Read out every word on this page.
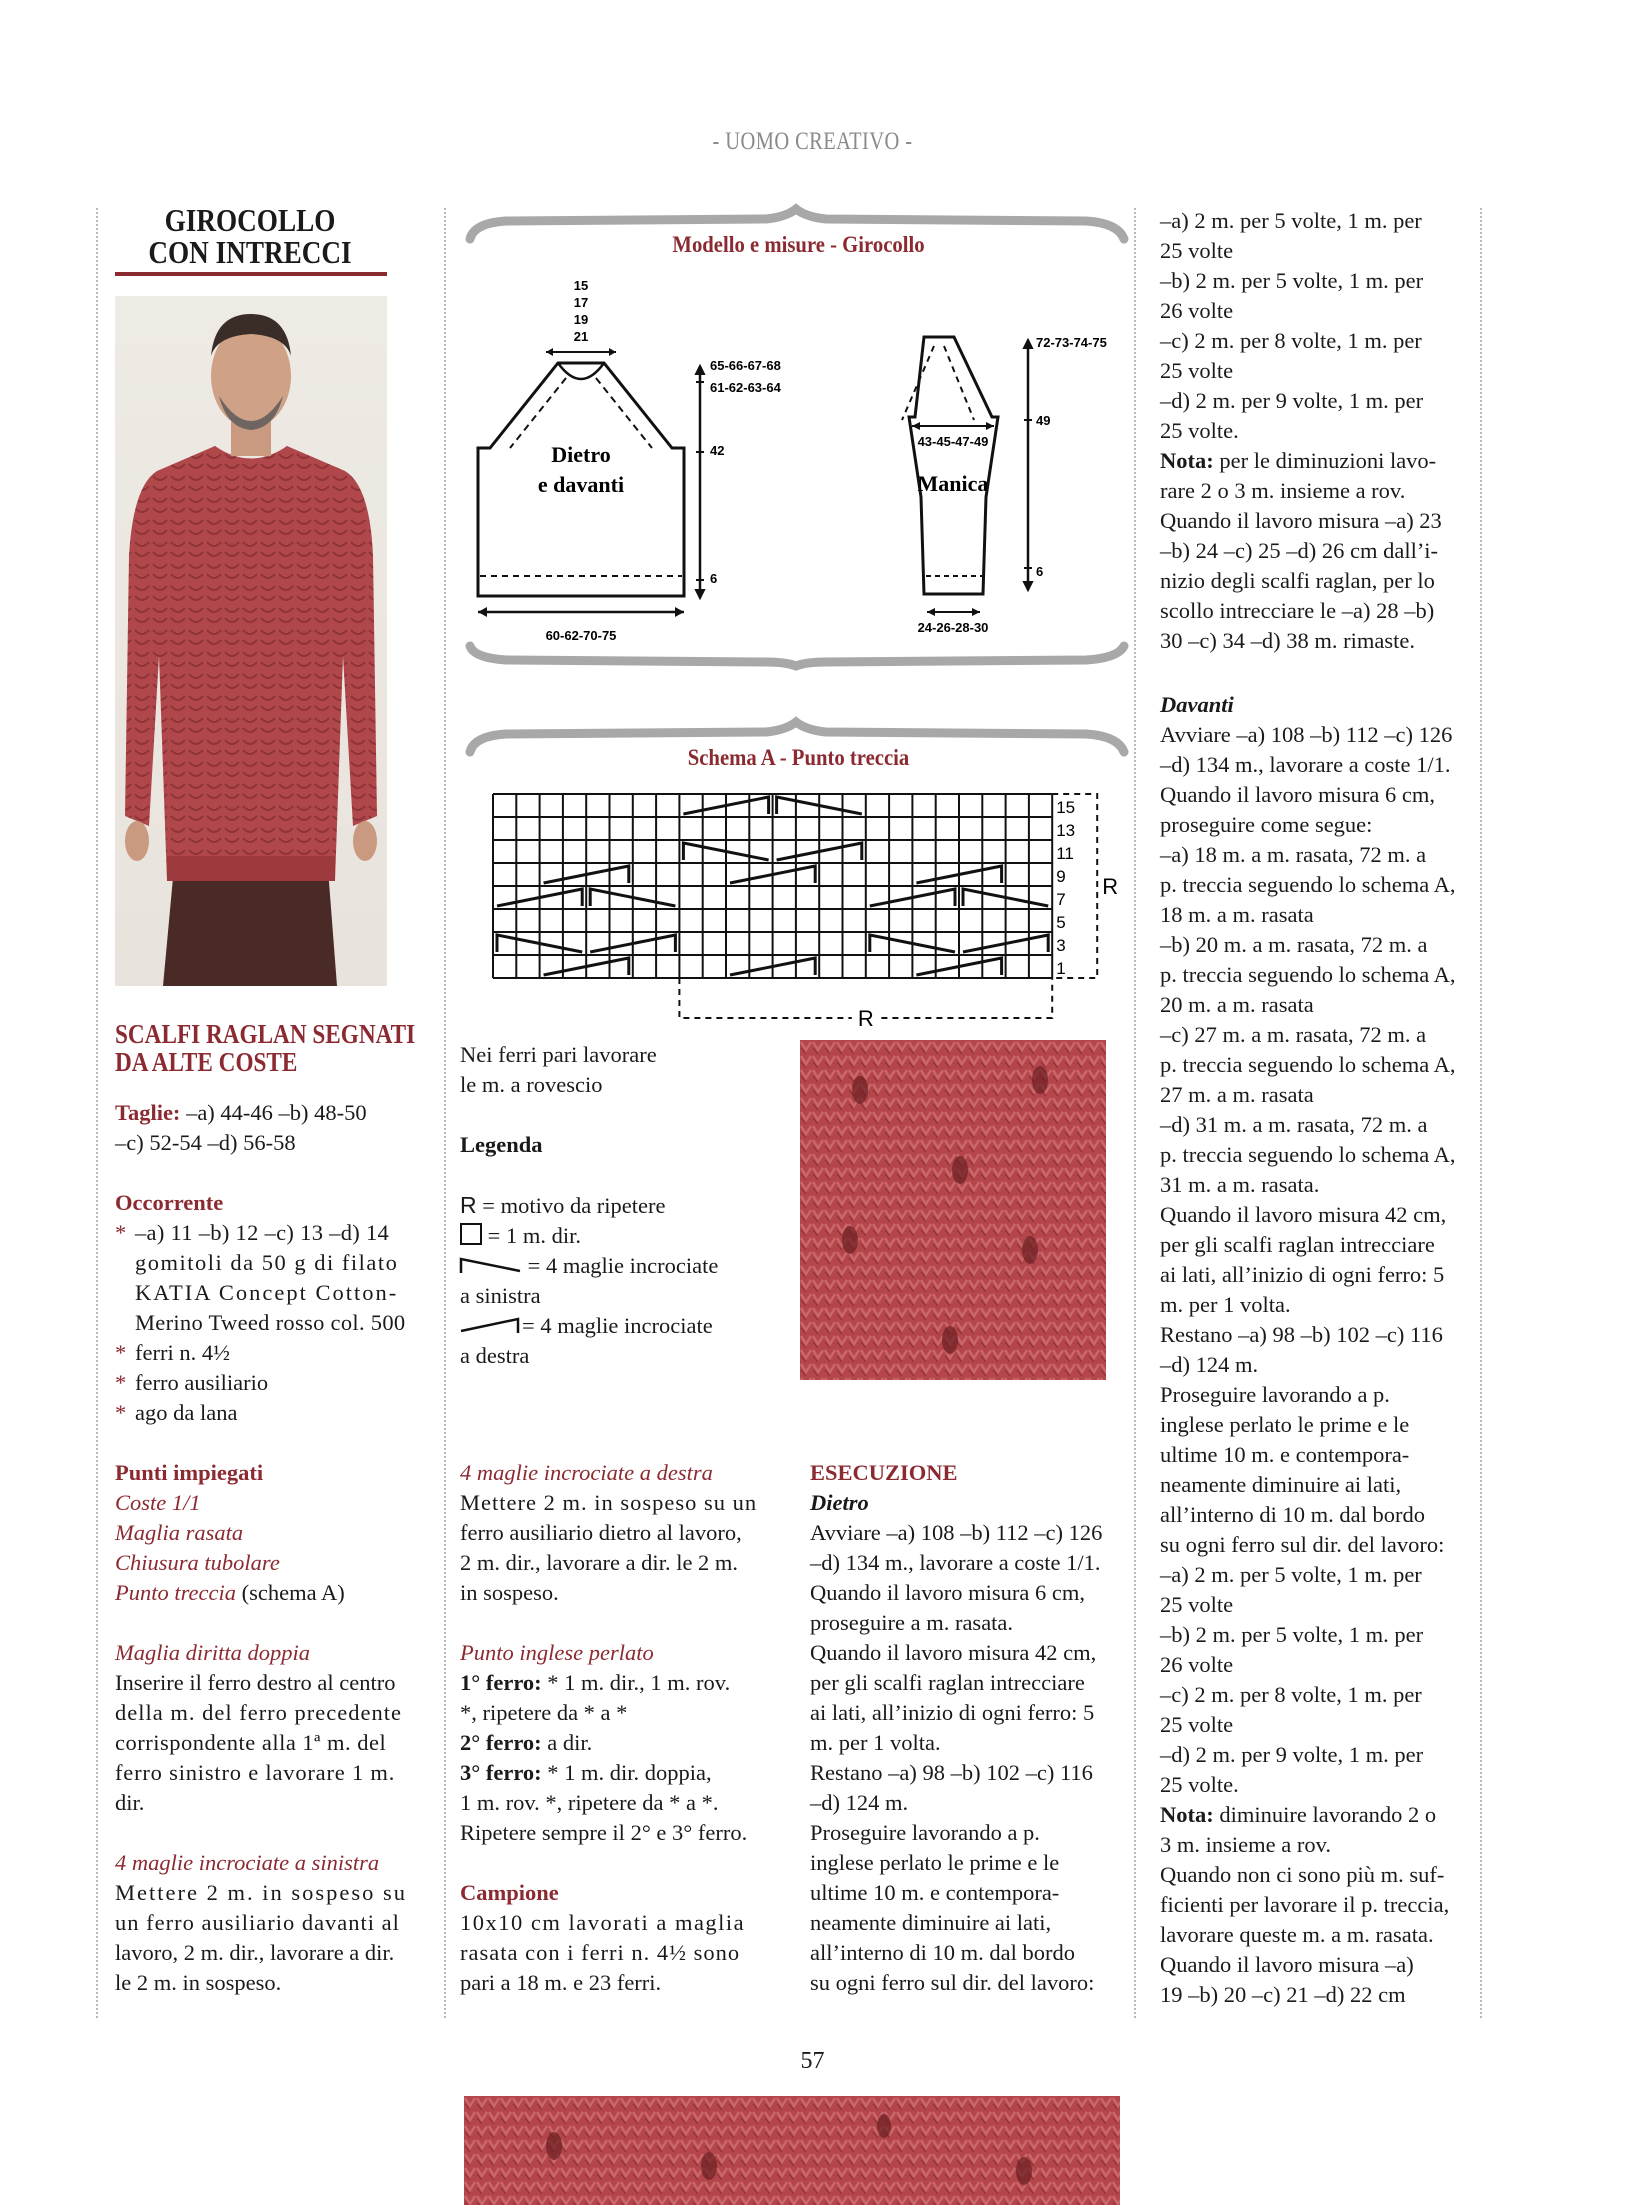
- UOMO CREATIVO -
GIROCOLLO
CON INTRECCI
SCALFI RAGLAN SEGNATI
DA ALTE COSTE
Taglie: –a) 44-46 –b) 48-50
–c) 52-54 –d) 56-58
Occorrente
* –a) 11 –b) 12 –c) 13 –d) 14
gomitoli da 50 g di filato
KATIA Concept Cotton-
Merino Tweed rosso col. 500
* ferri n. 4½
* ferro ausiliario
* ago da lana
Punti impiegati
Coste 1/1
Maglia rasata
Chiusura tubolare
Punto treccia (schema A)
Maglia diritta doppia
Inserire il ferro destro al centro
della m. del ferro precedente
corrispondente alla 1ª m. del
ferro sinistro e lavorare 1 m.
dir.
4 maglie incrociate a sinistra
Mettere 2 m. in sospeso su
un ferro ausiliario davanti al
lavoro, 2 m. dir., lavorare a dir.
le 2 m. in sospeso.
Modello e misure - Girocollo
15
17
19
21
65-66-67-68
61-62-63-64
42
6
60-62-70-75
Dietro
e davanti
72-73-74-75
49
6
43-45-47-49
24-26-28-30
Manica
Schema A - Punto treccia
15
13
11
9
7
5
3
1
R
R
Nei ferri pari lavorare
le m. a rovescio
Legenda
R = motivo da ripetere
= 1 m. dir.
= 4 maglie incrociate
a sinistra
= 4 maglie incrociate
a destra
4 maglie incrociate a destra
Mettere 2 m. in sospeso su un
ferro ausiliario dietro al lavoro,
2 m. dir., lavorare a dir. le 2 m.
in sospeso.
Punto inglese perlato
1° ferro: * 1 m. dir., 1 m. rov.
*, ripetere da * a *
2° ferro: a dir.
3° ferro: * 1 m. dir. doppia,
1 m. rov. *, ripetere da * a *.
Ripetere sempre il 2° e 3° ferro.
Campione
10x10 cm lavorati a maglia
rasata con i ferri n. 4½ sono
pari a 18 m. e 23 ferri.
ESECUZIONE
Dietro
Avviare –a) 108 –b) 112 –c) 126
–d) 134 m., lavorare a coste 1/1.
Quando il lavoro misura 6 cm,
proseguire a m. rasata.
Quando il lavoro misura 42 cm,
per gli scalfi raglan intrecciare
ai lati, all’inizio di ogni ferro: 5
m. per 1 volta.
Restano –a) 98 –b) 102 –c) 116
–d) 124 m.
Proseguire lavorando a p.
inglese perlato le prime e le
ultime 10 m. e contempora-
neamente diminuire ai lati,
all’interno di 10 m. dal bordo
su ogni ferro sul dir. del lavoro:
–a) 2 m. per 5 volte, 1 m. per
25 volte
–b) 2 m. per 5 volte, 1 m. per
26 volte
–c) 2 m. per 8 volte, 1 m. per
25 volte
–d) 2 m. per 9 volte, 1 m. per
25 volte.
Nota: per le diminuzioni lavo-
rare 2 o 3 m. insieme a rov.
Quando il lavoro misura –a) 23
–b) 24 –c) 25 –d) 26 cm dall’i-
nizio degli scalfi raglan, per lo
scollo intrecciare le –a) 28 –b)
30 –c) 34 –d) 38 m. rimaste.
Davanti
Avviare –a) 108 –b) 112 –c) 126
–d) 134 m., lavorare a coste 1/1.
Quando il lavoro misura 6 cm,
proseguire come segue:
–a) 18 m. a m. rasata, 72 m. a
p. treccia seguendo lo schema A,
18 m. a m. rasata
–b) 20 m. a m. rasata, 72 m. a
p. treccia seguendo lo schema A,
20 m. a m. rasata
–c) 27 m. a m. rasata, 72 m. a
p. treccia seguendo lo schema A,
27 m. a m. rasata
–d) 31 m. a m. rasata, 72 m. a
p. treccia seguendo lo schema A,
31 m. a m. rasata.
Quando il lavoro misura 42 cm,
per gli scalfi raglan intrecciare
ai lati, all’inizio di ogni ferro: 5
m. per 1 volta.
Restano –a) 98 –b) 102 –c) 116
–d) 124 m.
Proseguire lavorando a p.
inglese perlato le prime e le
ultime 10 m. e contempora-
neamente diminuire ai lati,
all’interno di 10 m. dal bordo
su ogni ferro sul dir. del lavoro:
–a) 2 m. per 5 volte, 1 m. per
25 volte
–b) 2 m. per 5 volte, 1 m. per
26 volte
–c) 2 m. per 8 volte, 1 m. per
25 volte
–d) 2 m. per 9 volte, 1 m. per
25 volte.
Nota: diminuire lavorando 2 o
3 m. insieme a rov.
Quando non ci sono più m. suf-
ficienti per lavorare il p. treccia,
lavorare queste m. a m. rasata.
Quando il lavoro misura –a)
19 –b) 20 –c) 21 –d) 22 cm
57
